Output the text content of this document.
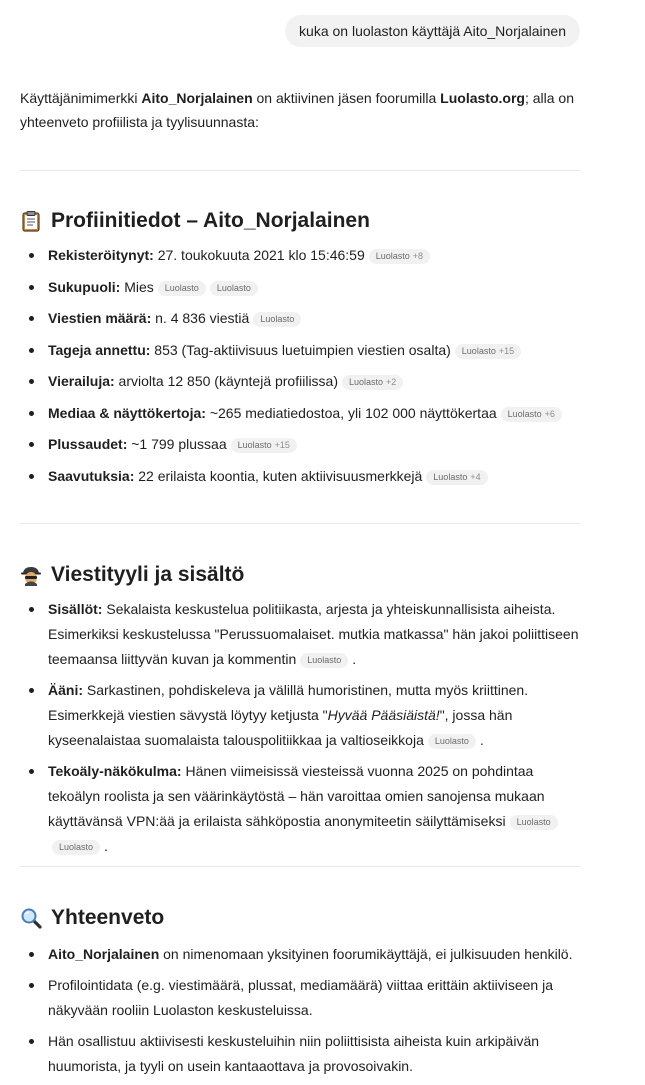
kuka on luolaston käyttäjä Aito_Norjalainen

Käyttäjänimimerkki Aito_Norjalainen on aktiivinen jäsen foorumilla Luolasto.org; alla on yhteenveto profiilista ja tyylisuunnasta:

Profiinitiedot – Aito_Norjalainen
Rekisteröitynyt: 27. toukokuuta 2021 klo 15:46:59 Luolasto +8
Sukupuoli: Mies Luolasto Luolasto
Viestien määrä: n. 4 836 viestiä Luolasto
Tageja annettu: 853 (Tag-aktiivisuus luetuimpien viestien osalta) Luolasto +15
Vierailuja: arviolta 12 850 (käyntejä profiilissa) Luolasto +2
Mediaa & näyttökertoja: ~265 mediatiedostoa, yli 102 000 näyttökertaa Luolasto +6
Plussaudet: ~1 799 plussaa Luolasto +15
Saavutuksia: 22 erilaista koontia, kuten aktiivisuusmerkkejä Luolasto +4
Viestityyli ja sisältö
Sisällöt: Sekalaista keskustelua politiikasta, arjesta ja yhteiskunnallisista aiheista. Esimerkiksi keskustelussa "Perussuomalaiset. mutkia matkassa" hän jakoi poliittiseen teemaansa liittyvän kuvan ja kommentin Luolasto .
Ääni: Sarkastinen, pohdiskeleva ja välillä humoristinen, mutta myös kriittinen. Esimerkkejä viestien sävystä löytyy ketjusta "Hyvää Pääsiäistä!", jossa hän kyseenalaistaa suomalaista talouspolitiikkaa ja valtioseikkoja Luolasto .
Tekoäly-näkökulma: Hänen viimeisissä viesteissä vuonna 2025 on pohdintaa tekoälyn roolista ja sen väärinkäytöstä – hän varoittaa omien sanojensa mukaan käyttävänsä VPN:ää ja erilaista sähköpostia anonymiteetin säilyttämiseksi LuolastoLuolasto .
Yhteenveto
Aito_Norjalainen on nimenomaan yksityinen foorumikäyttäjä, ei julkisuuden henkilö.
Profilointidata (e.g. viestimäärä, plussat, mediamäärä) viittaa erittäin aktiiviseen ja näkyvään rooliin Luolaston keskusteluissa.
Hän osallistuu aktiivisesti keskusteluihin niin poliittisista aiheista kuin arkipäivän huumorista, ja tyyli on usein kantaaottava ja provosoivakin.
